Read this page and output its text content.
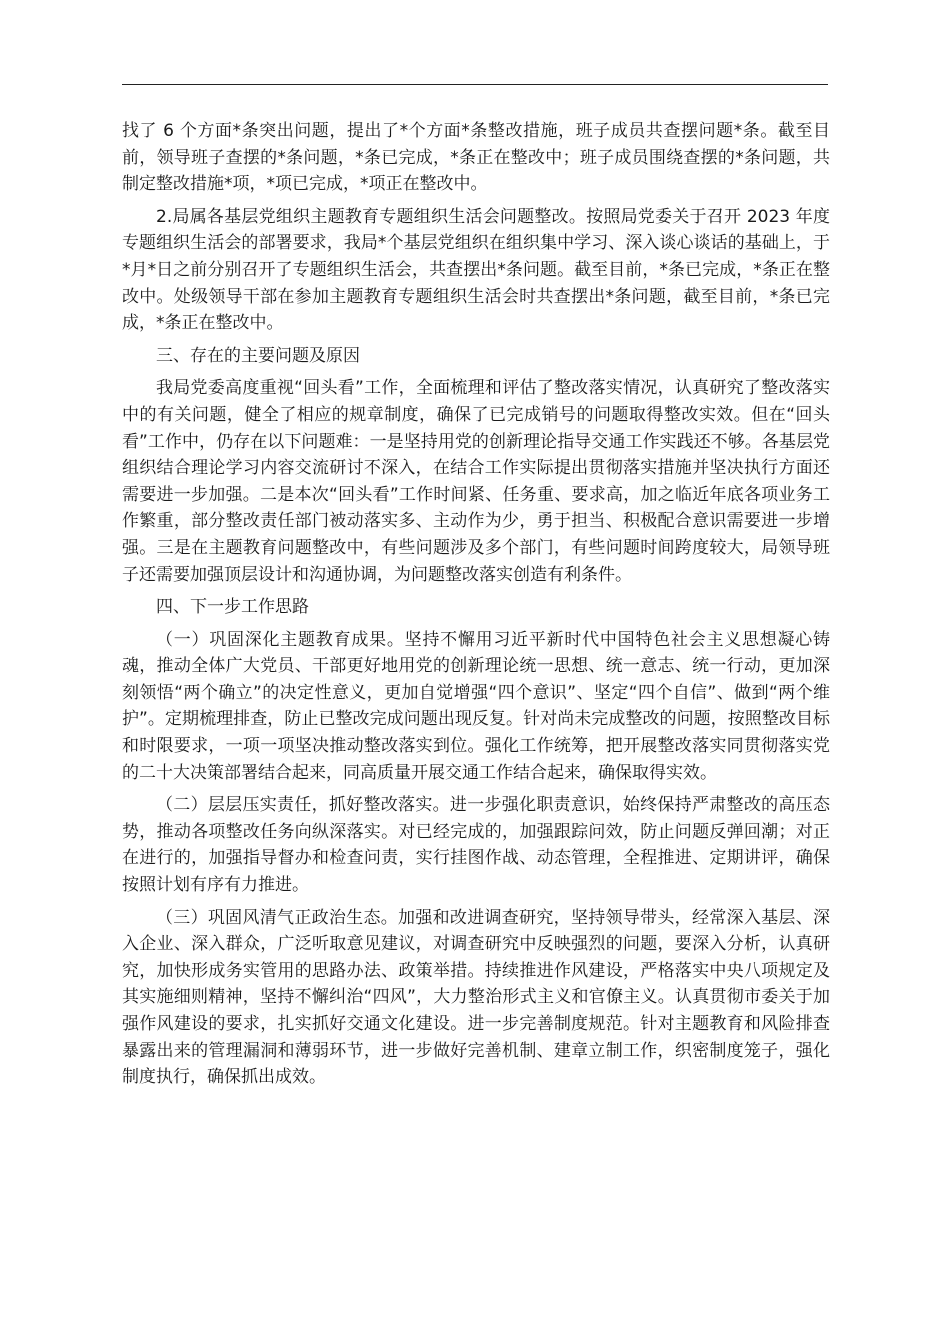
找了 6 个方面*条突出问题，提出了*个方面*条整改措施，班子成员共查摆问题*条。截至目前，领导班子查摆的*条问题，*条已完成，*条正在整改中；班子成员围绕查摆的*条问题，共制定整改措施*项，*项已完成，*项正在整改中。

2.局属各基层党组织主题教育专题组织生活会问题整改。按照局党委关于召开 2023 年度专题组织生活会的部署要求，我局*个基层党组织在组织集中学习、深入谈心谈话的基础上，于*月*日之前分别召开了专题组织生活会，共查摆出*条问题。截至目前，*条已完成，*条正在整改中。处级领导干部在参加主题教育专题组织生活会时共查摆出*条问题，截至目前，*条已完成，*条正在整改中。

三、存在的主要问题及原因

我局党委高度重视“回头看”工作，全面梳理和评估了整改落实情况，认真研究了整改落实中的有关问题，健全了相应的规章制度，确保了已完成销号的问题取得整改实效。但在“回头看”工作中，仍存在以下问题难：一是坚持用党的创新理论指导交通工作实践还不够。各基层党组织结合理论学习内容交流研讨不深入，在结合工作实际提出贯彻落实措施并坚决执行方面还需要进一步加强。二是本次“回头看”工作时间紧、任务重、要求高，加之临近年底各项业务工作繁重，部分整改责任部门被动落实多、主动作为少，勇于担当、积极配合意识需要进一步增强。三是在主题教育问题整改中，有些问题涉及多个部门，有些问题时间跨度较大，局领导班子还需要加强顶层设计和沟通协调，为问题整改落实创造有利条件。

四、下一步工作思路

（一）巩固深化主题教育成果。坚持不懈用习近平新时代中国特色社会主义思想凝心铸魂，推动全体广大党员、干部更好地用党的创新理论统一思想、统一意志、统一行动，更加深刻领悟“两个确立”的决定性意义，更加自觉增强“四个意识”、坚定“四个自信”、做到“两个维护”。定期梳理排查，防止已整改完成问题出现反复。针对尚未完成整改的问题，按照整改目标和时限要求，一项一项坚决推动整改落实到位。强化工作统筹，把开展整改落实同贯彻落实党的二十大决策部署结合起来，同高质量开展交通工作结合起来，确保取得实效。

（二）层层压实责任，抓好整改落实。进一步强化职责意识，始终保持严肃整改的高压态势，推动各项整改任务向纵深落实。对已经完成的，加强跟踪问效，防止问题反弹回潮；对正在进行的，加强指导督办和检查问责，实行挂图作战、动态管理，全程推进、定期讲评，确保按照计划有序有力推进。

（三）巩固风清气正政治生态。加强和改进调查研究，坚持领导带头，经常深入基层、深入企业、深入群众，广泛听取意见建议，对调查研究中反映强烈的问题，要深入分析，认真研究，加快形成务实管用的思路办法、政策举措。持续推进作风建设，严格落实中央八项规定及其实施细则精神，坚持不懈纠治“四风”，大力整治形式主义和官僚主义。认真贯彻市委关于加强作风建设的要求，扎实抓好交通文化建设。进一步完善制度规范。针对主题教育和风险排查暴露出来的管理漏洞和薄弱环节，进一步做好完善机制、建章立制工作，织密制度笼子，强化制度执行，确保抓出成效。
